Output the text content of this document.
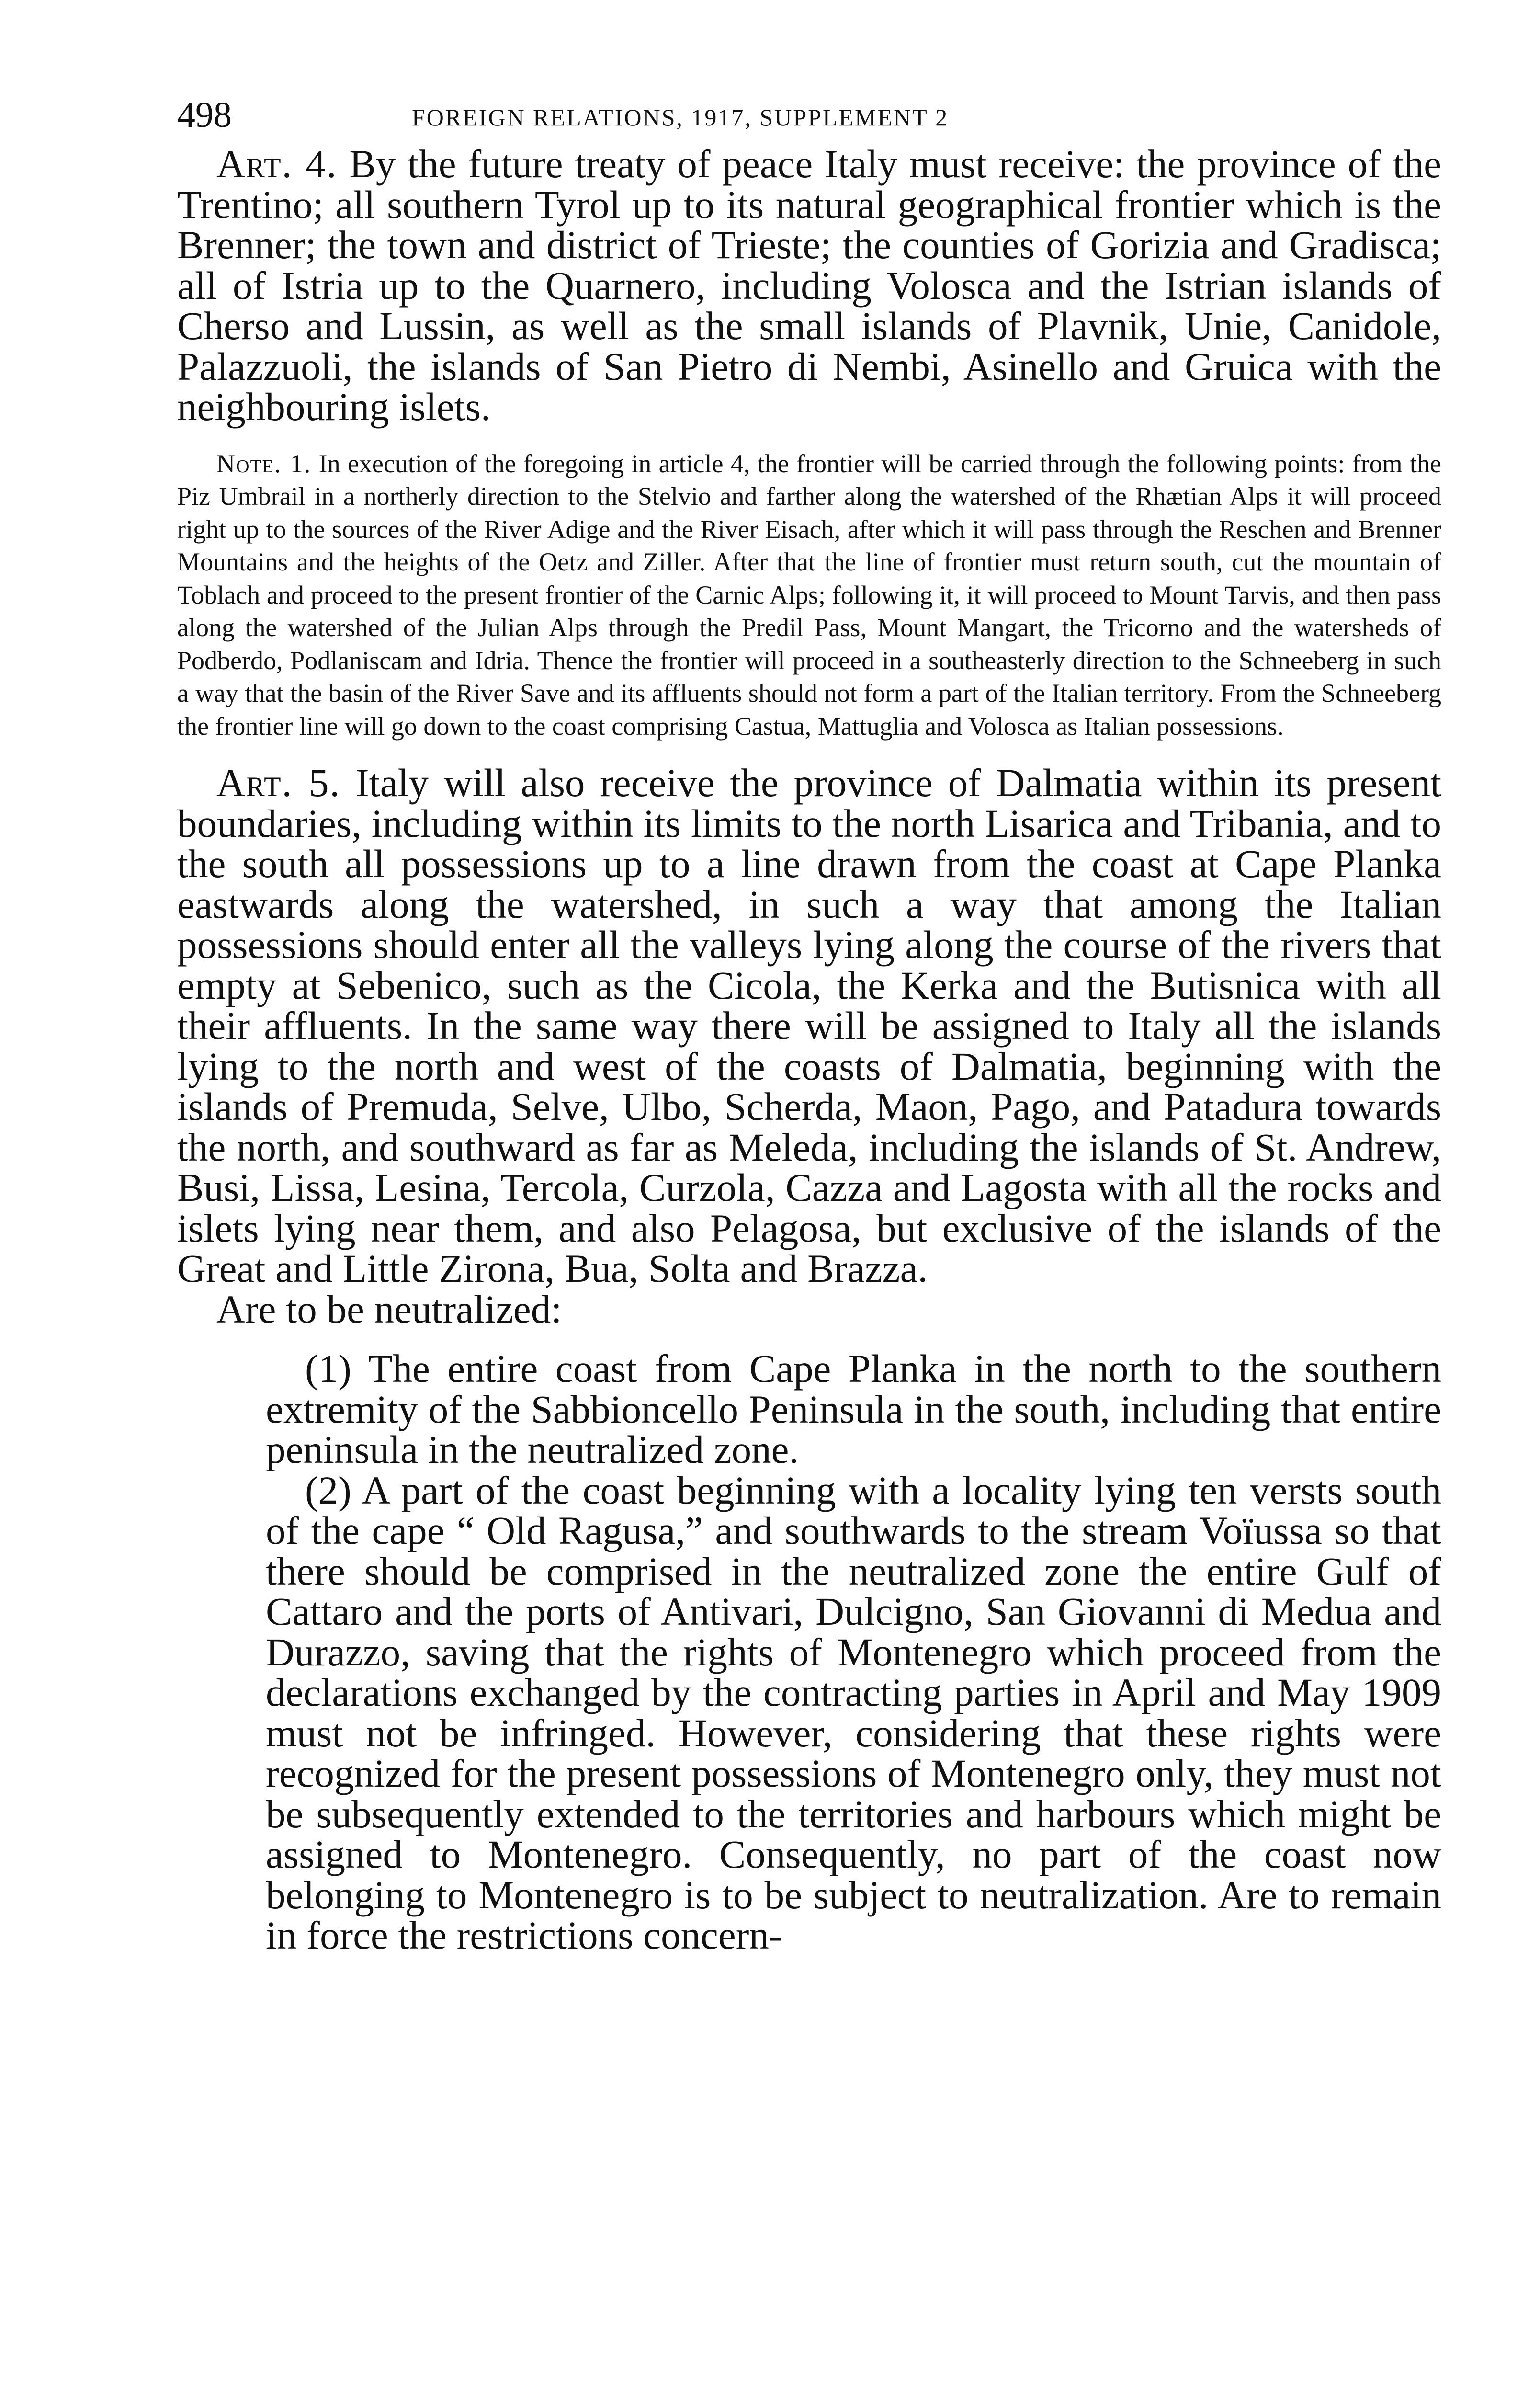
498	FOREIGN RELATIONS, 1917, SUPPLEMENT 2

Art. 4. By the future treaty of peace Italy must receive: the province of the Trentino; all southern Tyrol up to its natural geographical frontier which is the Brenner; the town and district of Trieste; the counties of Gorizia and Gradisca; all of Istria up to the Quarnero, including Volosca and the Istrian islands of Cherso and Lussin, as well as the small islands of Plavnik, Unie, Canidole, Palazzuoli, the islands of San Pietro di Nembi, Asinello and Gruica with the neighbouring islets.

Note. 1. In execution of the foregoing in article 4, the frontier will be carried through the following points: from the Piz Umbrail in a northerly direction to the Stelvio and farther along the watershed of the Rhætian Alps it will proceed right up to the sources of the River Adige and the River Eisach, after which it will pass through the Reschen and Brenner Mountains and the heights of the Oetz and Ziller. After that the line of frontier must return south, cut the mountain of Toblach and proceed to the present frontier of the Carnic Alps; following it, it will proceed to Mount Tarvis, and then pass along the watershed of the Julian Alps through the Predil Pass, Mount Mangart, the Tricorno and the watersheds of Podberdo, Podlaniscam and Idria. Thence the frontier will proceed in a southeasterly direction to the Schneeberg in such a way that the basin of the River Save and its affluents should not form a part of the Italian territory. From the Schneeberg the frontier line will go down to the coast comprising Castua, Mattuglia and Volosca as Italian possessions.

Art. 5. Italy will also receive the province of Dalmatia within its present boundaries, including within its limits to the north Lisarica and Tribania, and to the south all possessions up to a line drawn from the coast at Cape Planka eastwards along the watershed, in such a way that among the Italian possessions should enter all the valleys lying along the course of the rivers that empty at Sebenico, such as the Cicola, the Kerka and the Butisnica with all their affluents. In the same way there will be assigned to Italy all the islands lying to the north and west of the coasts of Dalmatia, beginning with the islands of Premuda, Selve, Ulbo, Scherda, Maon, Pago, and Patadura towards the north, and southward as far as Meleda, including the islands of St. Andrew, Busi, Lissa, Lesina, Tercola, Curzola, Cazza and Lagosta with all the rocks and islets lying near them, and also Pelagosa, but exclusive of the islands of the Great and Little Zirona, Bua, Solta and Brazza.

Are to be neutralized:

(1) The entire coast from Cape Planka in the north to the southern extremity of the Sabbioncello Peninsula in the south, including that entire peninsula in the neutralized zone.

(2) A part of the coast beginning with a locality lying ten versts south of the cape “ Old Ragusa,” and southwards to the stream Voïussa so that there should be comprised in the neutralized zone the entire Gulf of Cattaro and the ports of Antivari, Dulcigno, San Giovanni di Medua and Durazzo, saving that the rights of Montenegro which proceed from the declarations exchanged by the contracting parties in April and May 1909 must not be infringed. However, considering that these rights were recognized for the present possessions of Montenegro only, they must not be subsequently extended to the territories and harbours which might be assigned to Montenegro. Consequently, no part of the coast now belonging to Montenegro is to be subject to neutralization. Are to remain in force the restrictions concern-
